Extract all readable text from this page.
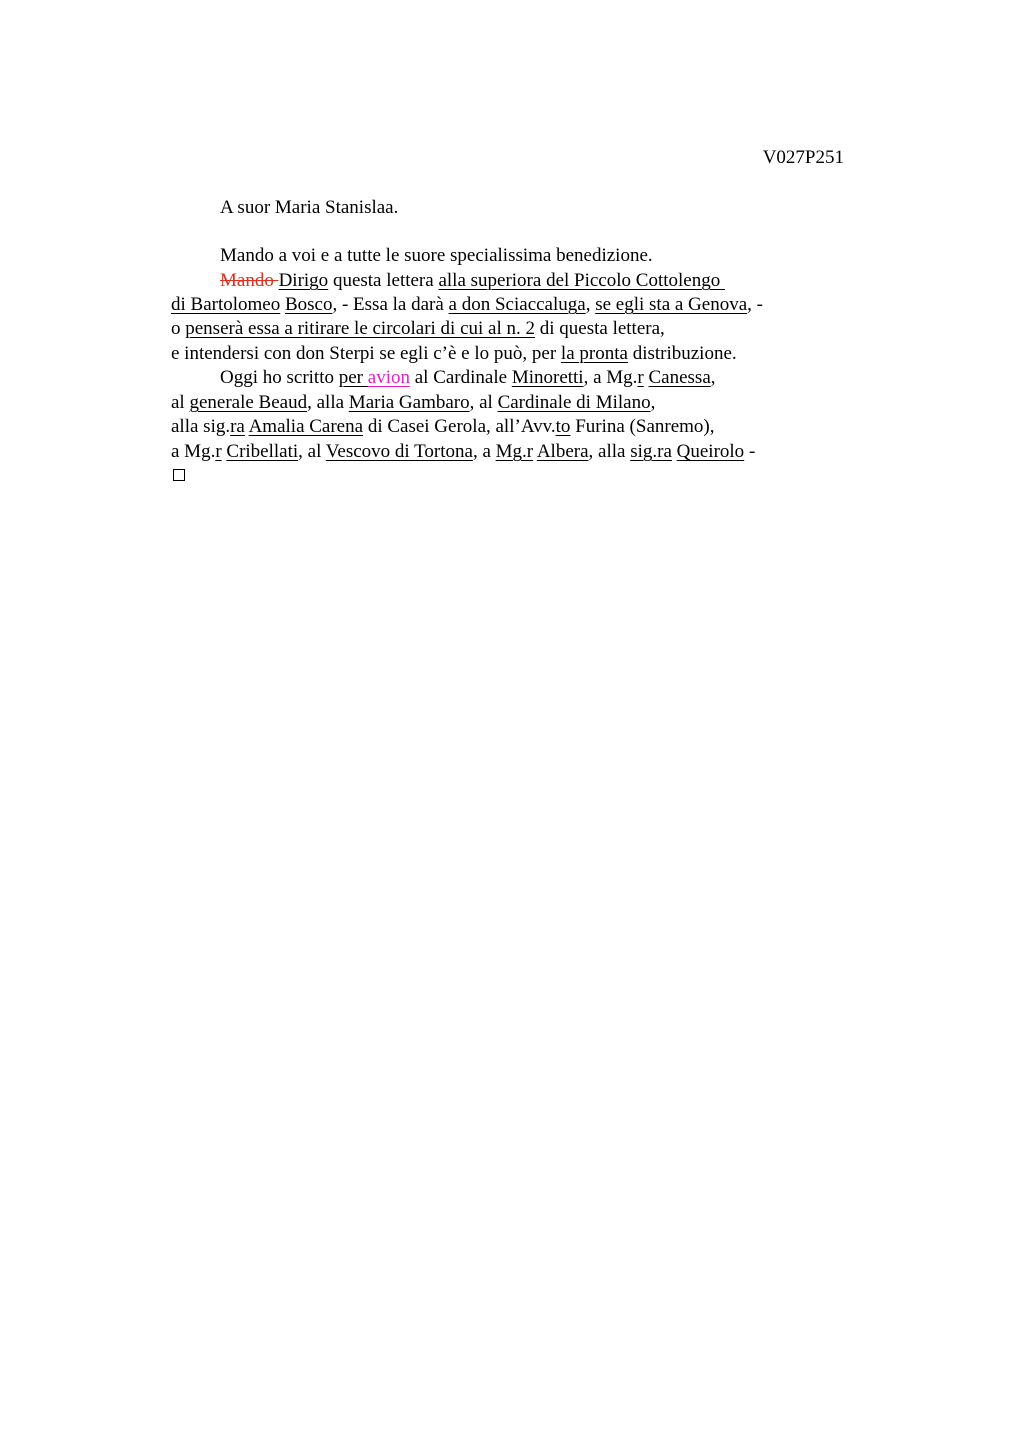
V027P251
A suor Maria Stanislaa.
Mando a voi e a tutte le suore specialissima benedizione.
Mando Dirigo questa lettera alla superiora del Piccolo Cottolengo
di Bartolomeo Bosco, - Essa la darà a don Sciaccaluga, se egli sta a Genova, -
o penserà essa a ritirare le circolari di cui al n. 2 di questa lettera,
e intendersi con don Sterpi se egli c’è e lo può, per la pronta distribuzione.
Oggi ho scritto per avion al Cardinale Minoretti, a Mg.r Canessa,
al generale Beaud, alla Maria Gambaro, al Cardinale di Milano,
alla sig.ra Amalia Carena di Casei Gerola, all’Avv.to Furina (Sanremo),
a Mg.r Cribellati, al Vescovo di Tortona, a Mg.r Albera, alla sig.ra Queirolo -
